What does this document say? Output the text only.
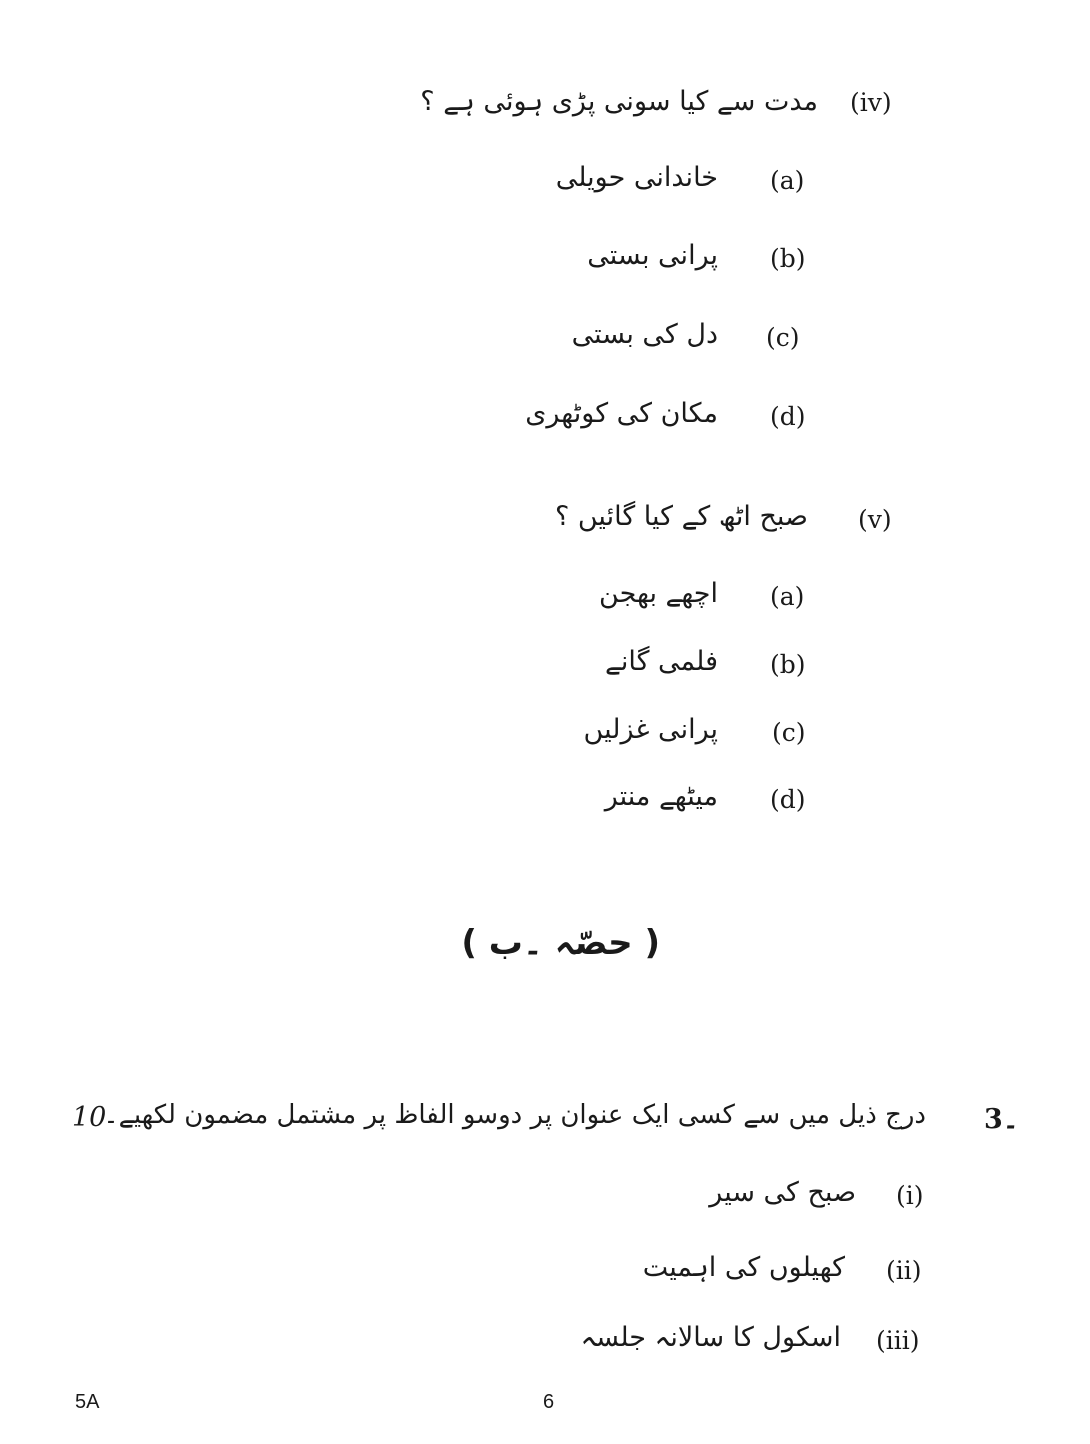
(iv)
مدت سے کیا سونی پڑی ہوئی ہے ؟
(a)
خاندانی حویلی
(b)
پرانی بستی
(c)
دل کی بستی
(d)
مکان کی کوٹھری
(v)
صبح اٹھ کے کیا گائیں ؟
(a)
اچھے بھجن
(b)
فلمی گانے
(c)
پرانی غزلیں
(d)
میٹھے منتر
( حصّہ ۔ب )
10
درج ذیل میں سے کسی ایک عنوان پر دوسو الفاظ پر مشتمل مضمون لکھیے۔ 3۔
(i)
صبح کی سیر
(ii)
کھیلوں کی اہمیت
(iii)
اسکول کا سالانہ جلسہ
5A	6
